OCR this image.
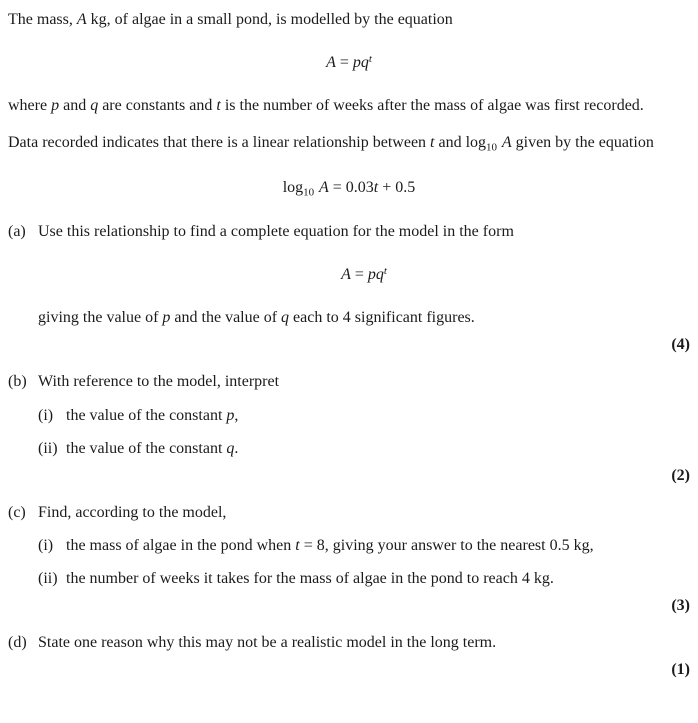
The mass, A kg, of algae in a small pond, is modelled by the equation

$A = pq^t$

where p and q are constants and t is the number of weeks after the mass of algae was first recorded.

Data recorded indicates that there is a linear relationship between t and $\log_{10} A$ given by the equation

$\log_{10} A = 0.03t + 0.5$
(a) Use this relationship to find a complete equation for the model in the form
$A = pq^t$
giving the value of p and the value of q each to 4 significant figures.
(4)
(b) With reference to the model, interpret
(i) the value of the constant p,
(ii) the value of the constant q.
(2)
(c) Find, according to the model,
(i) the mass of algae in the pond when t = 8, giving your answer to the nearest 0.5 kg,
(ii) the number of weeks it takes for the mass of algae in the pond to reach 4 kg.
(3)
(d) State one reason why this may not be a realistic model in the long term.
(1)
